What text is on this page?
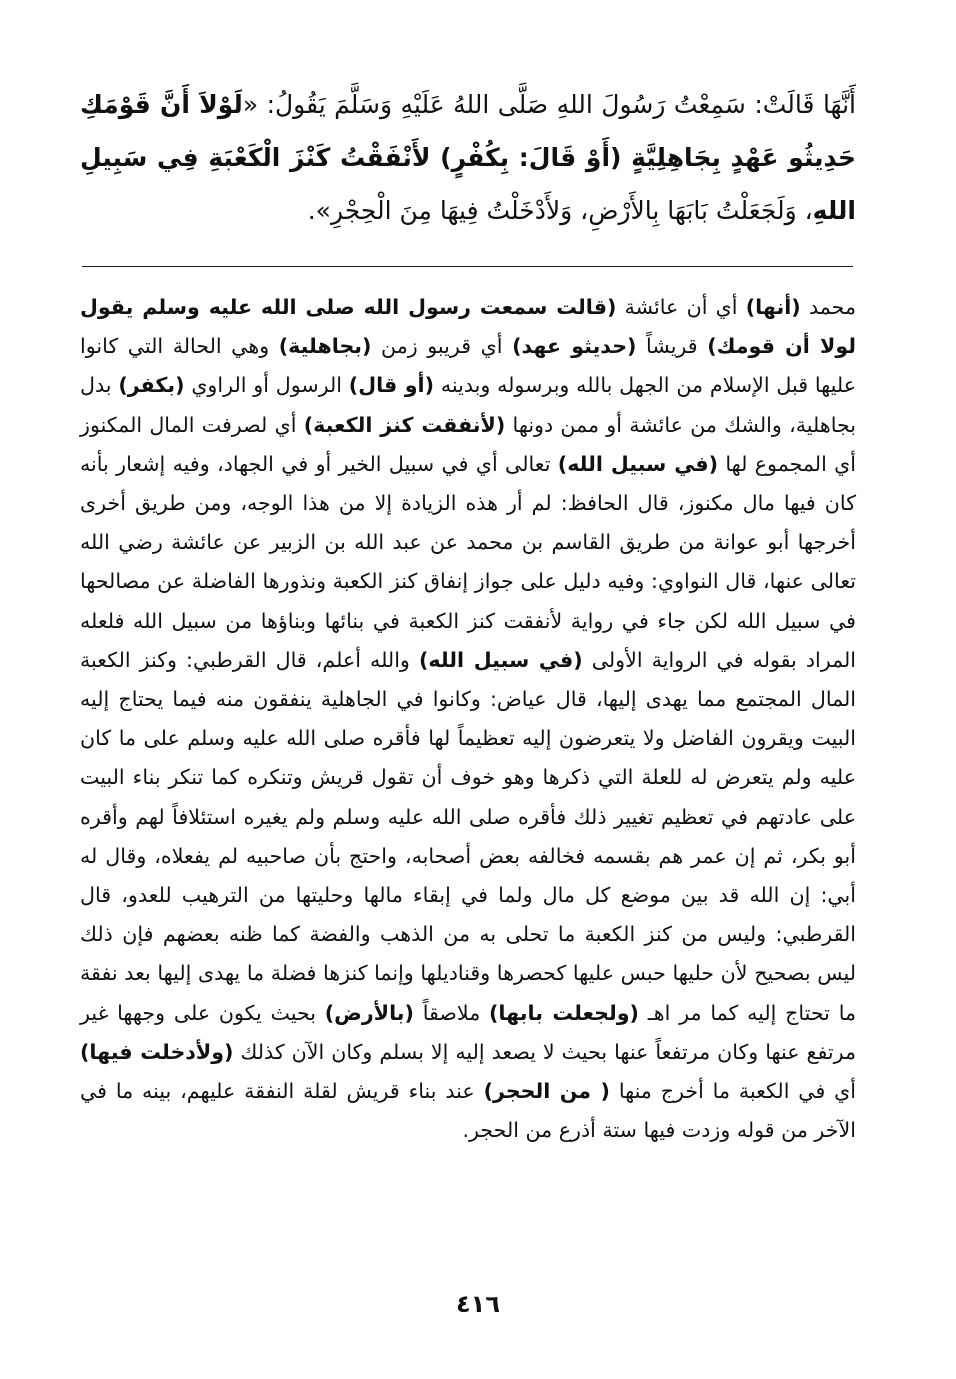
أَنَّهَا قَالَتْ: سَمِعْتُ رَسُولَ اللهِ صَلَّى اللهُ عَلَيْهِ وَسَلَّمَ يَقُولُ: «لَوْلاَ أَنَّ قَوْمَكِ حَدِيثُو عَهْدٍ بِجَاهِلِيَّةٍ (أَوْ قَالَ: بِكُفْرٍ) لأَنْفَقْتُ كَنْزَ الْكَعْبَةِ فِي سَبِيلِ اللهِ، وَلَجَعَلْتُ بَابَهَا بِالأَرْضِ، وَلأَدْخَلْتُ فِيهَا مِنَ الْحِجْرِ».
محمد (أنها) أي أن عائشة (قالت سمعت رسول الله صلى الله عليه وسلم يقول لولا أن قومك) قريشاً (حديثو عهد) أي قريبو زمن (بجاهلية) وهي الحالة التي كانوا عليها قبل الإسلام من الجهل بالله وبرسوله وبدينه (أو قال) الرسول أو الراوي (بكفر) بدل بجاهلية، والشك من عائشة أو ممن دونها (لأنفقت كنز الكعبة) أي لصرفت المال المكنوز أي المجموع لها (في سبيل الله) تعالى أي في سبيل الخير أو في الجهاد، وفيه إشعار بأنه كان فيها مال مكنوز، قال الحافظ: لم أر هذه الزيادة إلا من هذا الوجه، ومن طريق أخرى أخرجها أبو عوانة من طريق القاسم بن محمد عن عبد الله بن الزبير عن عائشة رضي الله تعالى عنها، قال النواوي: وفيه دليل على جواز إنفاق كنز الكعبة ونذورها الفاضلة عن مصالحها في سبيل الله لكن جاء في رواية لأنفقت كنز الكعبة في بنائها وبناؤها من سبيل الله فلعله المراد بقوله في الرواية الأولى (في سبيل الله) والله أعلم، قال القرطبي: وكنز الكعبة المال المجتمع مما يهدى إليها، قال عياض: وكانوا في الجاهلية ينفقون منه فيما يحتاج إليه البيت ويقرون الفاضل ولا يتعرضون إليه تعظيماً لها فأقره صلى الله عليه وسلم على ما كان عليه ولم يتعرض له للعلة التي ذكرها وهو خوف أن تقول قريش وتنكره كما تنكر بناء البيت على عادتهم في تعظيم تغيير ذلك فأقره صلى الله عليه وسلم ولم يغيره استئلافاً لهم وأقره أبو بكر، ثم إن عمر هم بقسمه فخالفه بعض أصحابه، واحتج بأن صاحبيه لم يفعلاه، وقال له أبي: إن الله قد بين موضع كل مال ولما في إبقاء مالها وحليتها من الترهيب للعدو، قال القرطبي: وليس من كنز الكعبة ما تحلى به من الذهب والفضة كما ظنه بعضهم فإن ذلك ليس بصحيح لأن حليها حبس عليها كحصرها وقناديلها وإنما كنزها فضلة ما يهدى إليها بعد نفقة ما تحتاج إليه كما مر اهـ (ولجعلت بابها) ملاصقاً (بالأرض) بحيث يكون على وجهها غير مرتفع عنها وكان مرتفعاً عنها بحيث لا يصعد إليه إلا بسلم وكان الآن كذلك (ولأدخلت فيها) أي في الكعبة ما أخرج منها ( من الحجر) عند بناء قريش لقلة النفقة عليهم، بينه ما في الآخر من قوله وزدت فيها ستة أذرع من الحجر.
٤١٦
